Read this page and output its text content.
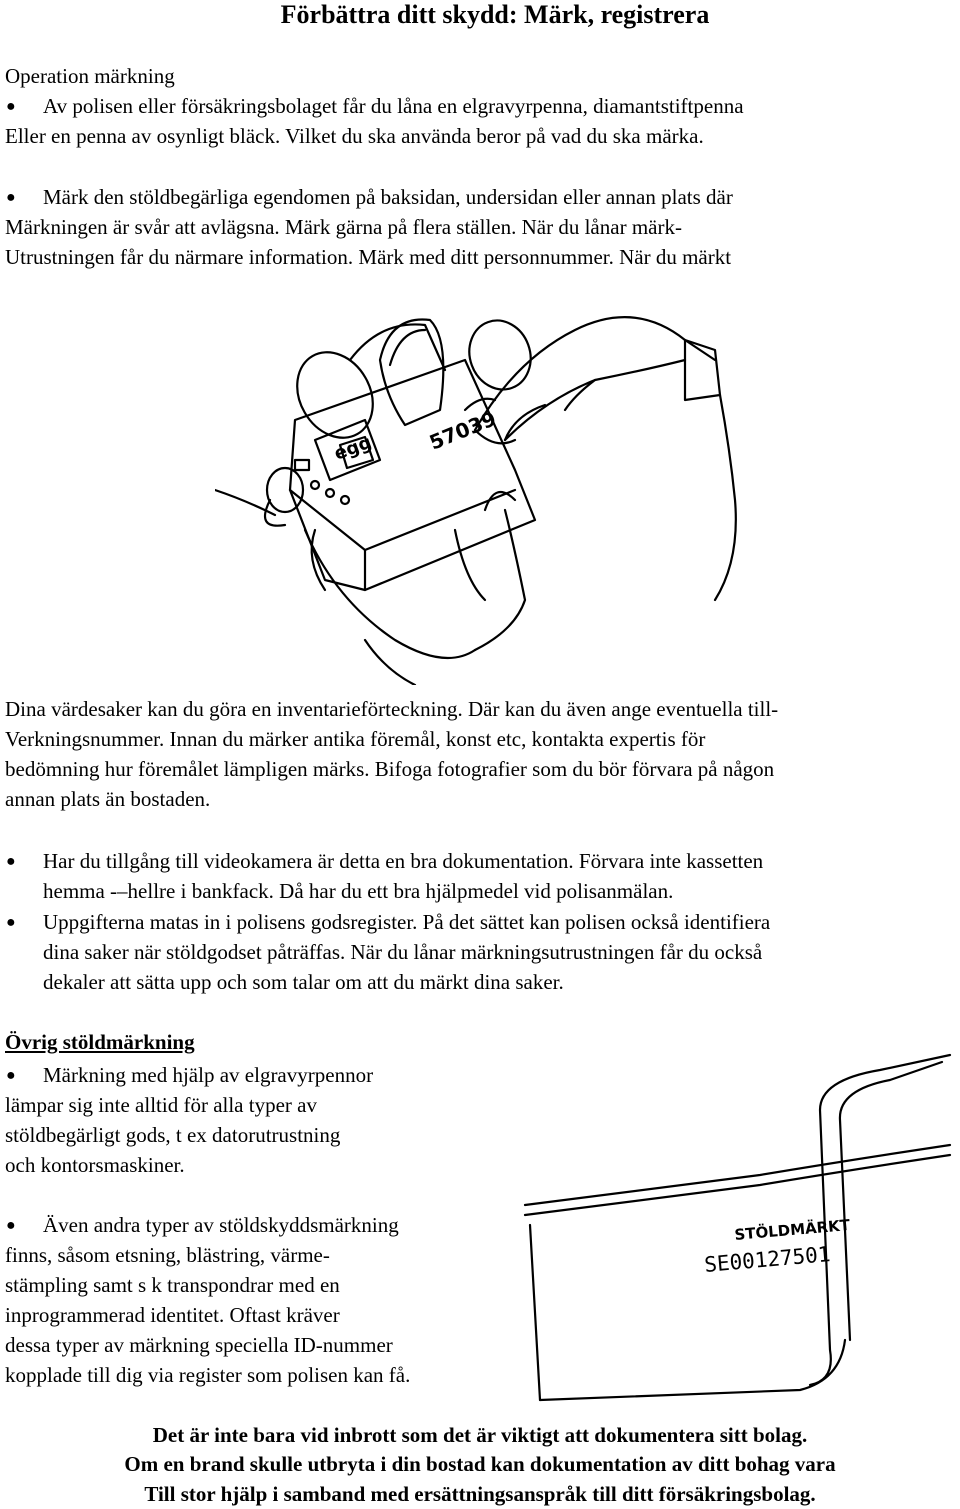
Förbättra ditt skydd: Märk, registrera
Operation märkning
● Av polisen eller försäkringsbolaget får du låna en elgravyrpenna, diamantstiftpenna
Eller en penna av osynligt bläck. Vilket du ska använda beror på vad du ska märka.
● Märk den stöldbegärliga egendomen på baksidan, undersidan eller annan plats där
Märkningen är svår att avlägsna. Märk gärna på flera ställen. När du lånar märk-
Utrustningen får du närmare information. Märk med ditt personnummer. När du märkt
57039
egg
Dina värdesaker kan du göra en inventarieförteckning. Där kan du även ange eventuella till-
Verkningsnummer. Innan du märker antika föremål, konst etc, kontakta expertis för
bedömning hur föremålet lämpligen märks. Bifoga fotografier som du bör förvara på någon
annan plats än bostaden.
● Har du tillgång till videokamera är detta en bra dokumentation. Förvara inte kassetten
hemma -–hellre i bankfack. Då har du ett bra hjälpmedel vid polisanmälan.
● Uppgifterna matas in i polisens godsregister. På det sättet kan polisen också identifiera
dina saker när stöldgodset påträffas. När du lånar märkningsutrustningen får du också
dekaler att sätta upp och som talar om att du märkt dina saker.
Övrig stöldmärkning
● Märkning med hjälp av elgravyrpennor
lämpar sig inte alltid för alla typer av
stöldbegärligt gods, t ex datorutrustning
och kontorsmaskiner.
● Även andra typer av stöldskyddsmärkning
finns, såsom etsning, blästring, värme-
stämpling samt s k transpondrar med en
inprogrammerad identitet. Oftast kräver
dessa typer av märkning speciella ID-nummer
kopplade till dig via register som polisen kan få.
STÖLDMÄRKT
SE00127501
Det är inte bara vid inbrott som det är viktigt att dokumentera sitt bolag.
Om en brand skulle utbryta i din bostad kan dokumentation av ditt bohag vara
Till stor hjälp i samband med ersättningsanspråk till ditt försäkringsbolag.
